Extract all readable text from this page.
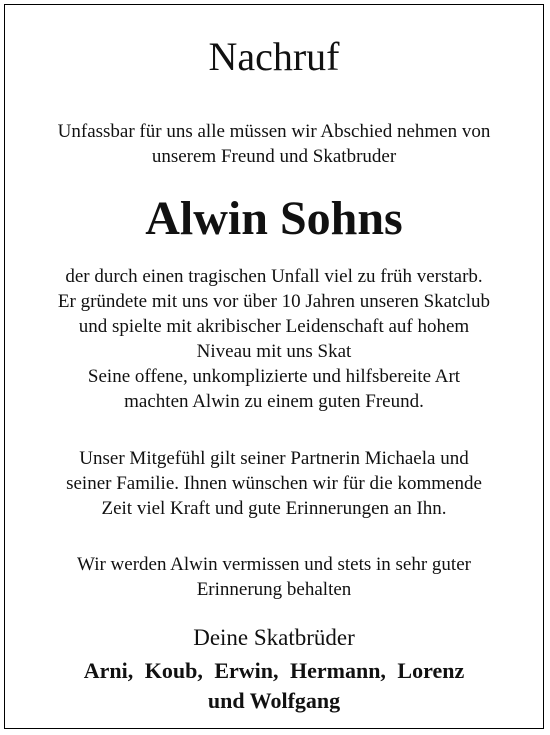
Nachruf
Unfassbar für uns alle müssen wir Abschied nehmen von
unserem Freund und Skatbruder
Alwin Sohns
der durch einen tragischen Unfall viel zu früh verstarb.
Er gründete mit uns vor über 10 Jahren unseren Skatclub
und spielte mit akribischer Leidenschaft auf hohem
Niveau mit uns Skat
Seine offene, unkomplizierte und hilfsbereite Art
machten Alwin zu einem guten Freund.
Unser Mitgefühl gilt seiner Partnerin Michaela und
seiner Familie. Ihnen wünschen wir für die kommende
Zeit viel Kraft und gute Erinnerungen an Ihn.
Wir werden Alwin vermissen und stets in sehr guter
Erinnerung behalten
Deine Skatbrüder
Arni, Koub, Erwin, Hermann, Lorenz
und Wolfgang
